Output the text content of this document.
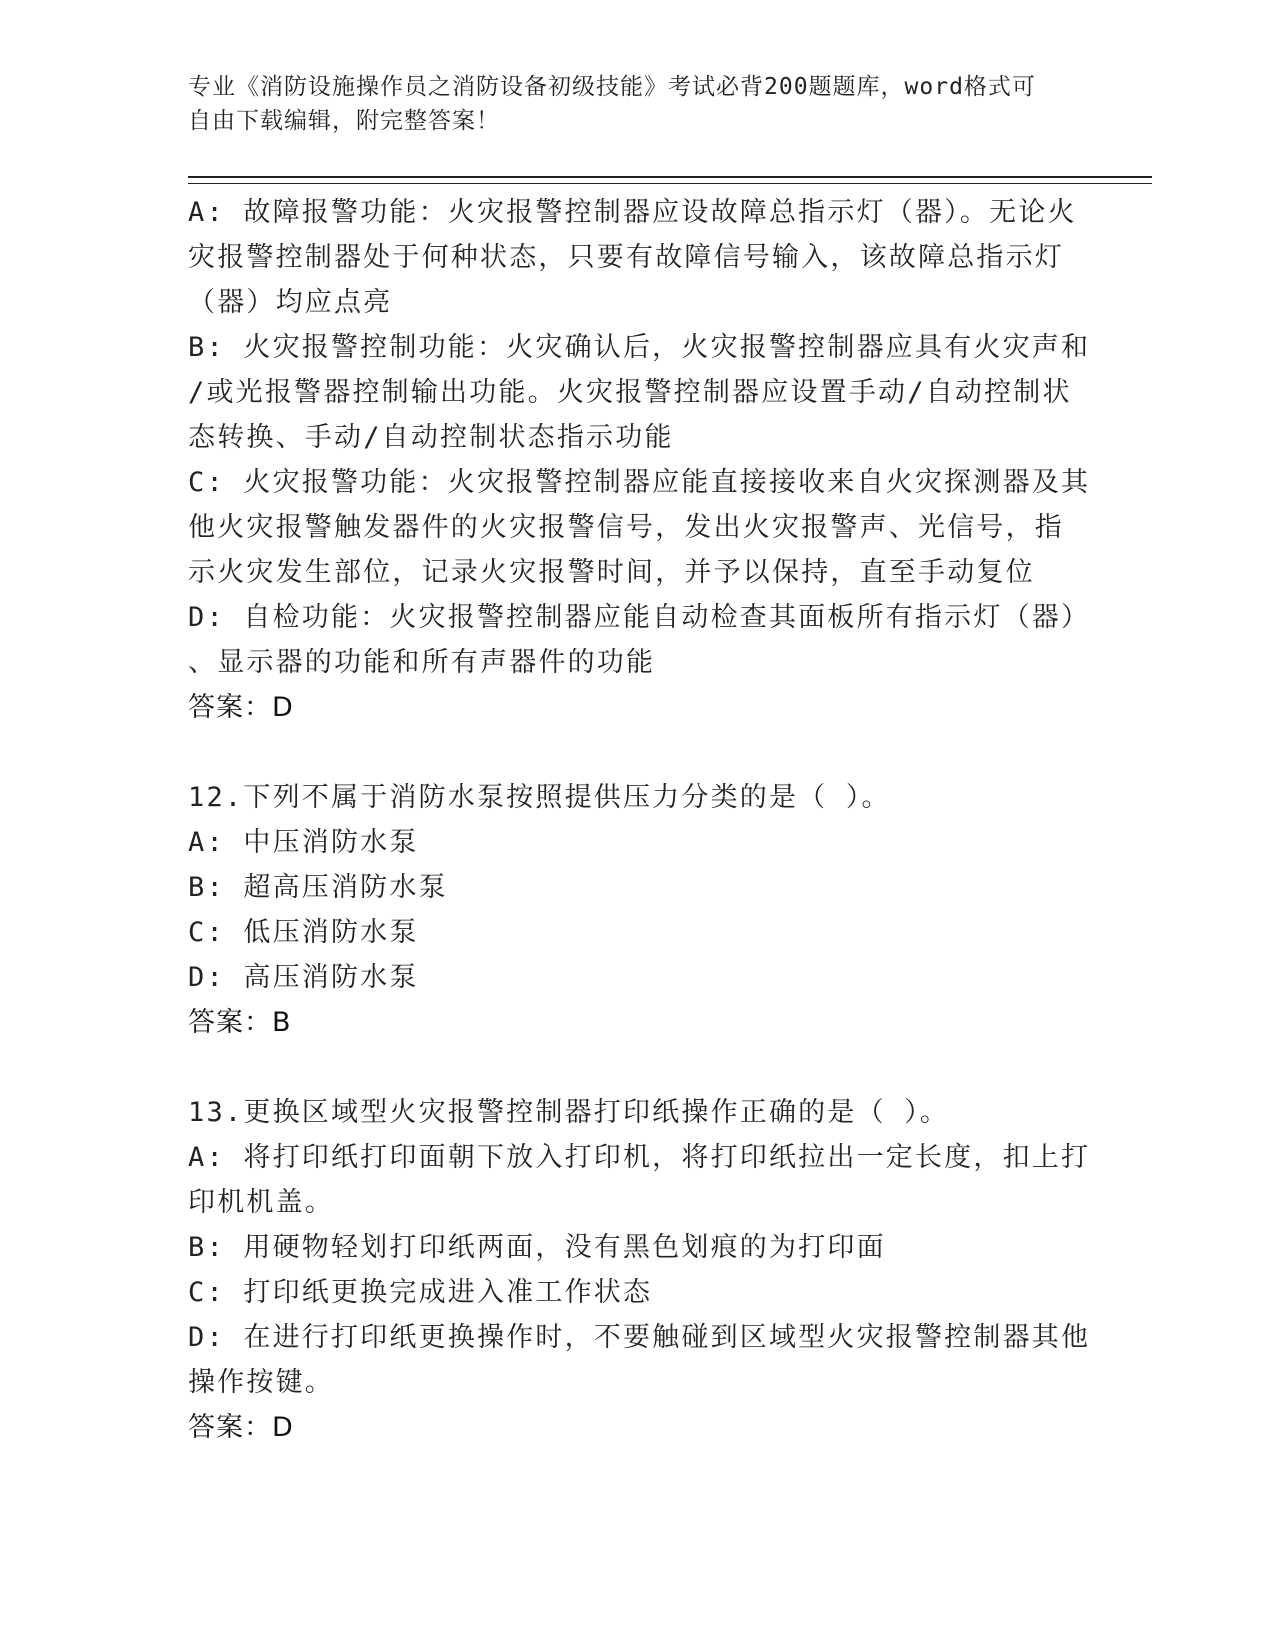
专业《消防设施操作员之消防设备初级技能》考试必背200题题库，word格式可
自由下载编辑，附完整答案！
A: 故障报警功能：火灾报警控制器应设故障总指示灯（器）。无论火
灾报警控制器处于何种状态，只要有故障信号输入，该故障总指示灯
（器）均应点亮
B: 火灾报警控制功能：火灾确认后，火灾报警控制器应具有火灾声和
/或光报警器控制输出功能。火灾报警控制器应设置手动/自动控制状
态转换、手动/自动控制状态指示功能
C: 火灾报警功能：火灾报警控制器应能直接接收来自火灾探测器及其
他火灾报警触发器件的火灾报警信号，发出火灾报警声、光信号，指
示火灾发生部位，记录火灾报警时间，并予以保持，直至手动复位
D: 自检功能：火灾报警控制器应能自动检查其面板所有指示灯（器）
、显示器的功能和所有声器件的功能
答案：D
12.下列不属于消防水泵按照提供压力分类的是（ ）。
A: 中压消防水泵
B: 超高压消防水泵
C: 低压消防水泵
D: 高压消防水泵
答案：B
13.更换区域型火灾报警控制器打印纸操作正确的是（ ）。
A: 将打印纸打印面朝下放入打印机，将打印纸拉出一定长度，扣上打
印机机盖。
B: 用硬物轻划打印纸两面，没有黑色划痕的为打印面
C: 打印纸更换完成进入准工作状态
D: 在进行打印纸更换操作时，不要触碰到区域型火灾报警控制器其他
操作按键。
答案：D
